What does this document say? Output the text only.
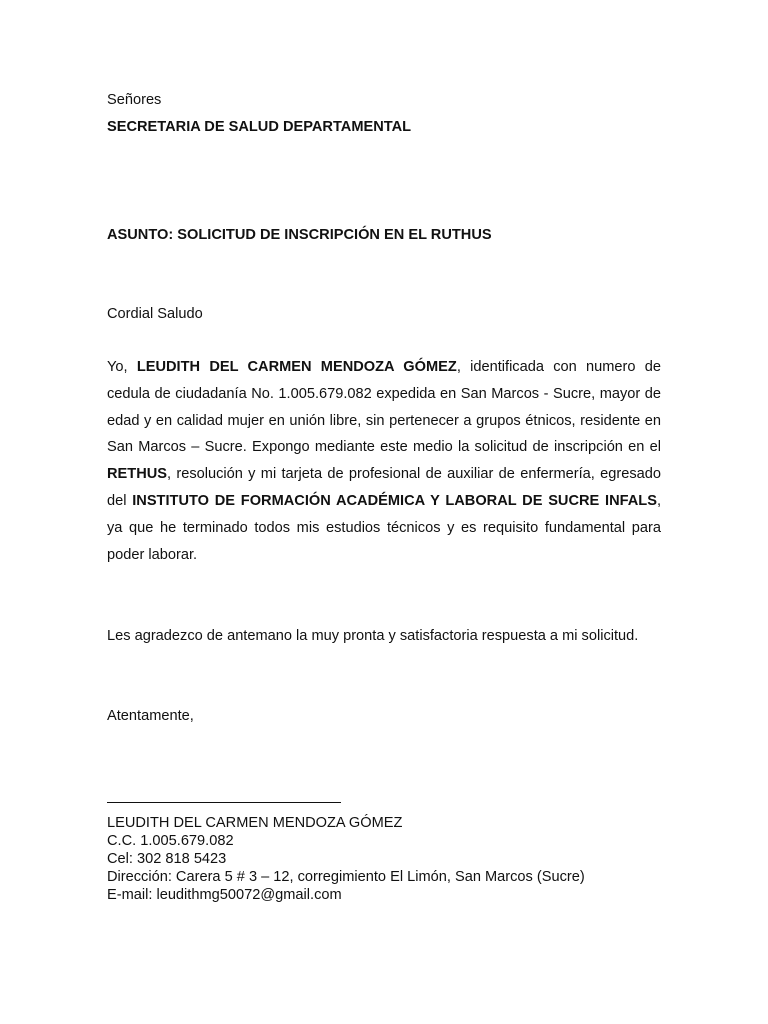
Señores
SECRETARIA DE SALUD DEPARTAMENTAL
ASUNTO: SOLICITUD DE INSCRIPCIÓN EN EL RUTHUS
Cordial Saludo
Yo, LEUDITH DEL CARMEN MENDOZA GÓMEZ, identificada con numero de cedula de ciudadanía No. 1.005.679.082 expedida en San Marcos - Sucre, mayor de edad y en calidad mujer en unión libre, sin pertenecer a grupos étnicos, residente en San Marcos – Sucre. Expongo mediante este medio la solicitud de inscripción en el RETHUS, resolución y mi tarjeta de profesional de auxiliar de enfermería, egresado del INSTITUTO DE FORMACIÓN ACADÉMICA Y LABORAL DE SUCRE INFALS, ya que he terminado todos mis estudios técnicos y es requisito fundamental para poder laborar.
Les agradezco de antemano la muy pronta y satisfactoria respuesta a mi solicitud.
Atentamente,
LEUDITH DEL CARMEN MENDOZA GÓMEZ
C.C. 1.005.679.082
Cel: 302 818 5423
Dirección: Carera 5 # 3 – 12, corregimiento El Limón, San Marcos (Sucre)
E-mail: leudithmg50072@gmail.com
